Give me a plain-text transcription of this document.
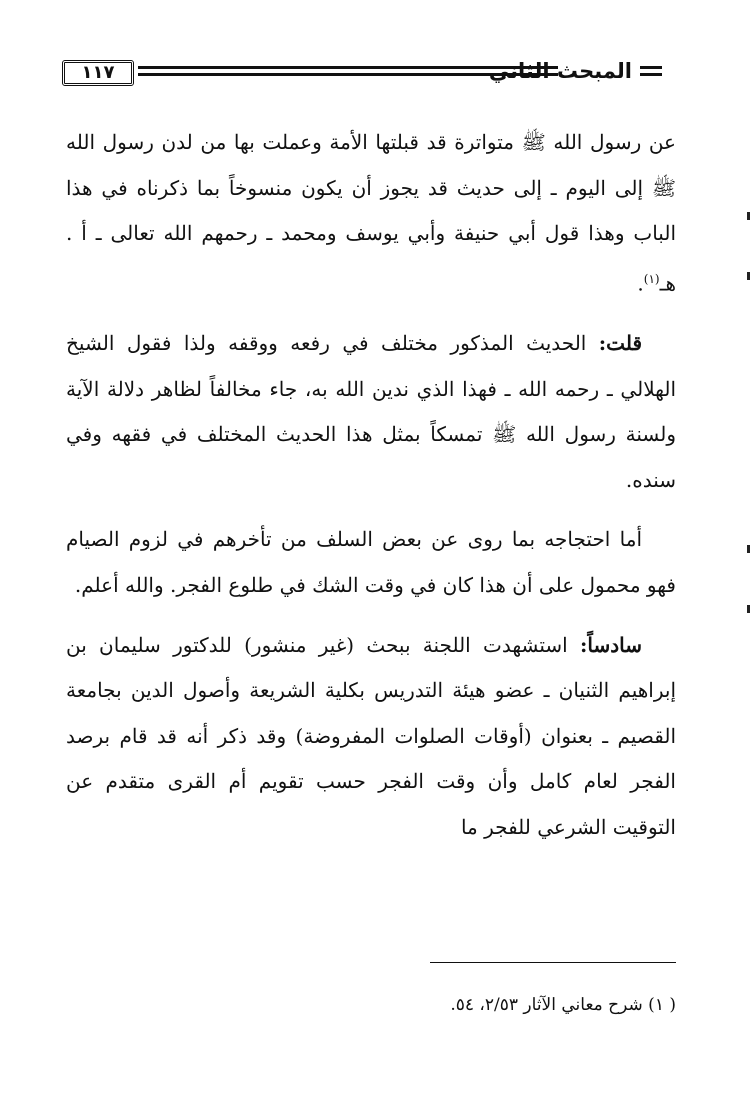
١١٧	المبحث الثاني

عن رسول الله ﷺ متواترة قد قبلتها الأمة وعملت بها من لدن رسول الله ﷺ إلى اليوم ـ إلى حديث قد يجوز أن يكون منسوخاً بما ذكرناه في هذا الباب وهذا قول أبي حنيفة وأبي يوسف ومحمد ـ رحمهم الله تعالى ـ أ . هـ$^{(١)}$.

قلت: الحديث المذكور مختلف في رفعه ووقفه ولذا فقول الشيخ الهلالي ـ رحمه الله ـ فهذا الذي ندين الله به، جاء مخالفاً لظاهر دلالة الآية ولسنة رسول الله ﷺ تمسكاً بمثل هذا الحديث المختلف في فقهه وفي سنده.

أما احتجاجه بما روى عن بعض السلف من تأخرهم في لزوم الصيام فهو محمول على أن هذا كان في وقت الشك في طلوع الفجر. والله أعلم.

سادساً: استشهدت اللجنة ببحث (غير منشور) للدكتور سليمان بن إبراهيم الثنيان ـ عضو هيئة التدريس بكلية الشريعة وأصول الدين بجامعة القصيم ـ بعنوان (أوقات الصلوات المفروضة) وقد ذكر أنه قد قام برصد الفجر لعام كامل وأن وقت الفجر حسب تقويم أم القرى متقدم عن التوقيت الشرعي للفجر ما

( ١) شرح معاني الآثار ٢/٥٣، ٥٤.
